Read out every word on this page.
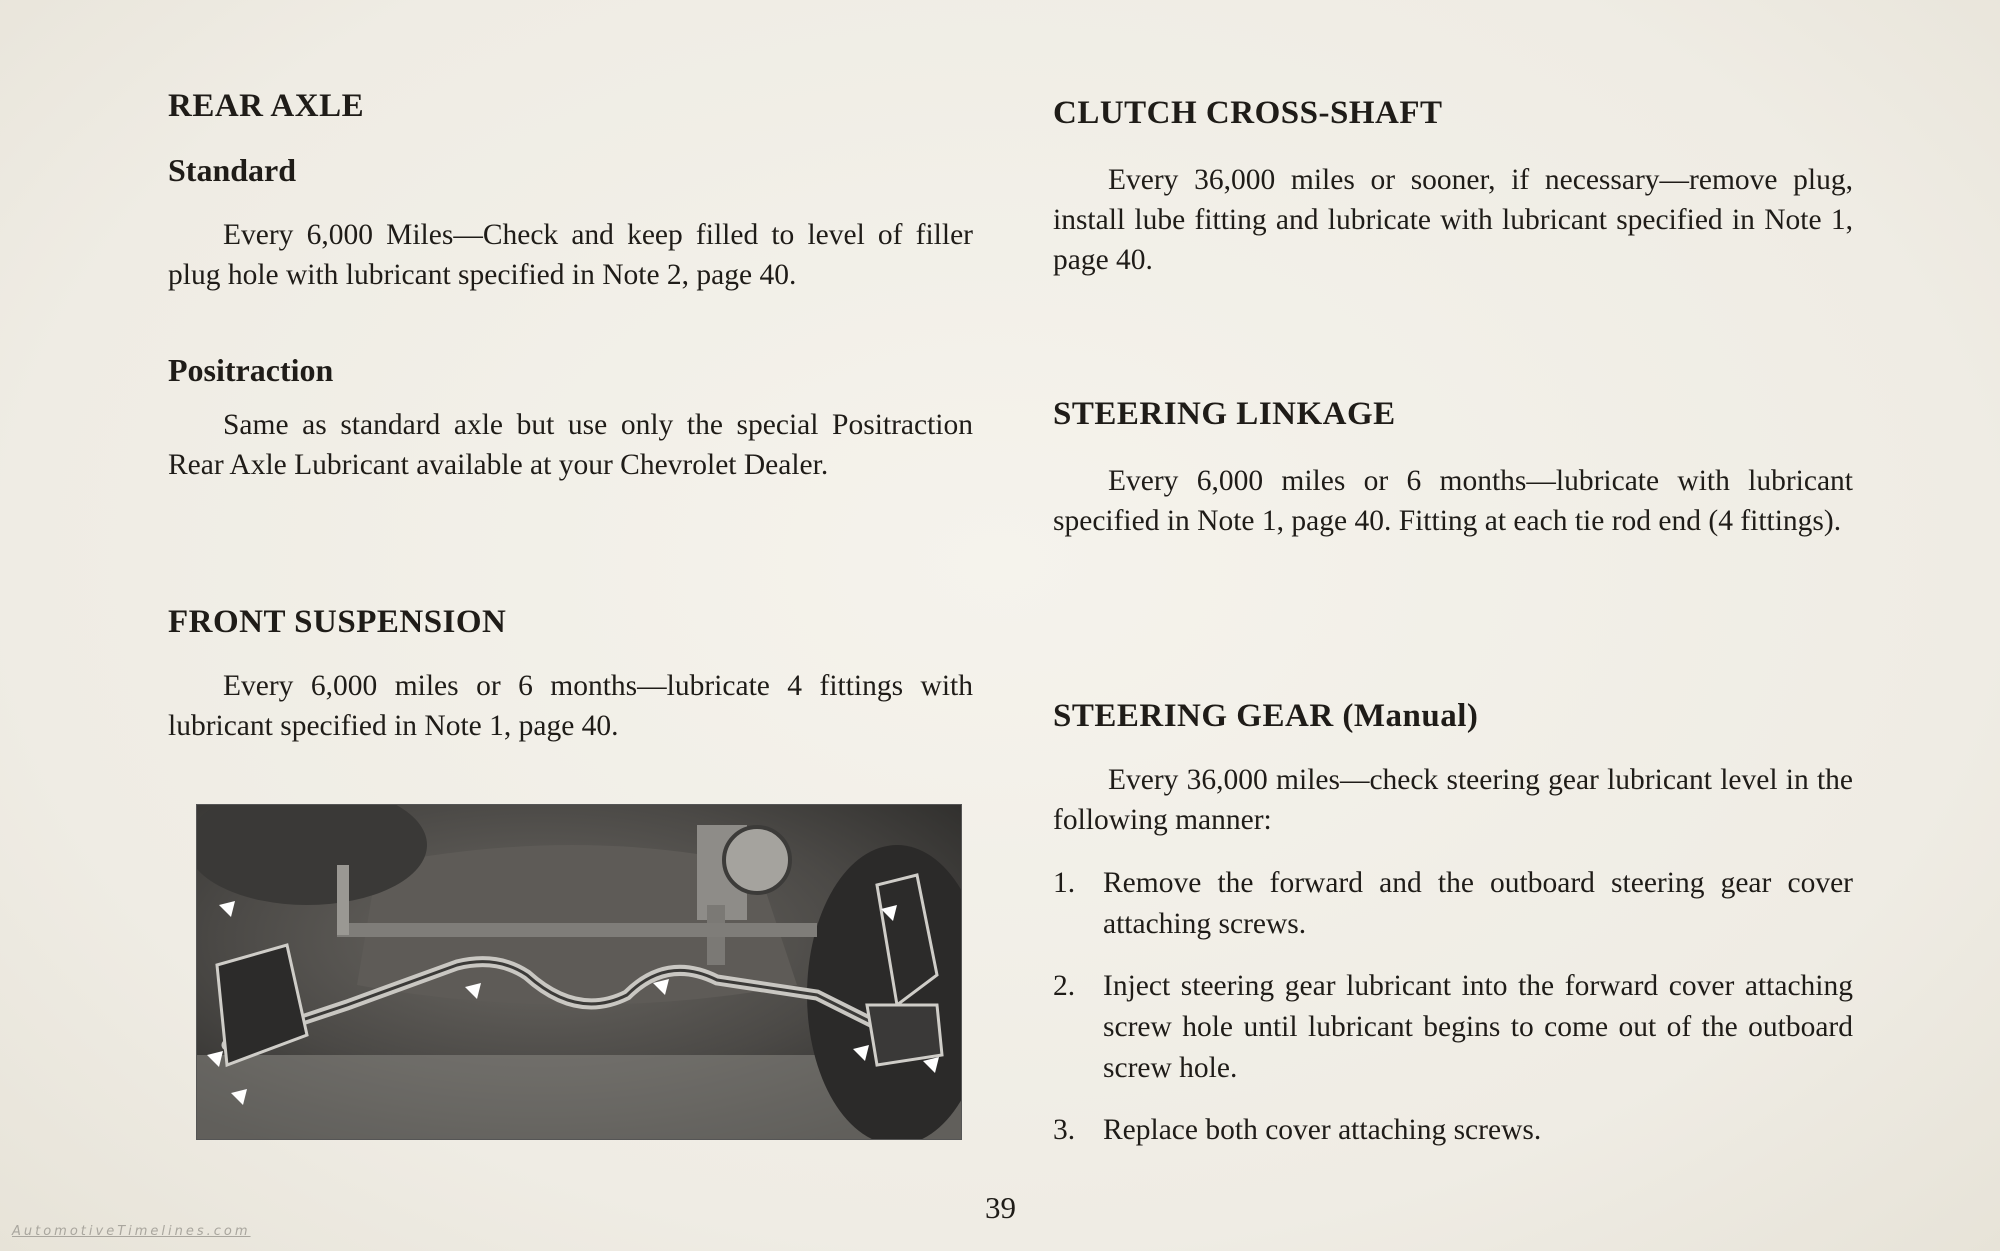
REAR AXLE
Standard

Every 6,000 Miles—Check and keep filled to level of filler plug hole with lubricant specified in Note 2, page 40.

Positraction

Same as standard axle but use only the special Positraction Rear Axle Lubricant available at your Chevrolet Dealer.

FRONT SUSPENSION

Every 6,000 miles or 6 months—lubricate 4 fittings with lubricant specified in Note 1, page 40.

CLUTCH CROSS-SHAFT

Every 36,000 miles or sooner, if necessary—remove plug, install lube fitting and lubricate with lubricant specified in Note 1, page 40.

STEERING LINKAGE

Every 6,000 miles or 6 months—lubricate with lubricant specified in Note 1, page 40. Fitting at each tie rod end (4 fittings).

STEERING GEAR (Manual)

Every 36,000 miles—check steering gear lubricant level in the following manner:

1. Remove the forward and the outboard steering gear cover attaching screws.
2. Inject steering gear lubricant into the forward cover attaching screw hole until lubricant begins to come out of the outboard screw hole.
3. Replace both cover attaching screws.
39
AutomotiveTimelines.com
